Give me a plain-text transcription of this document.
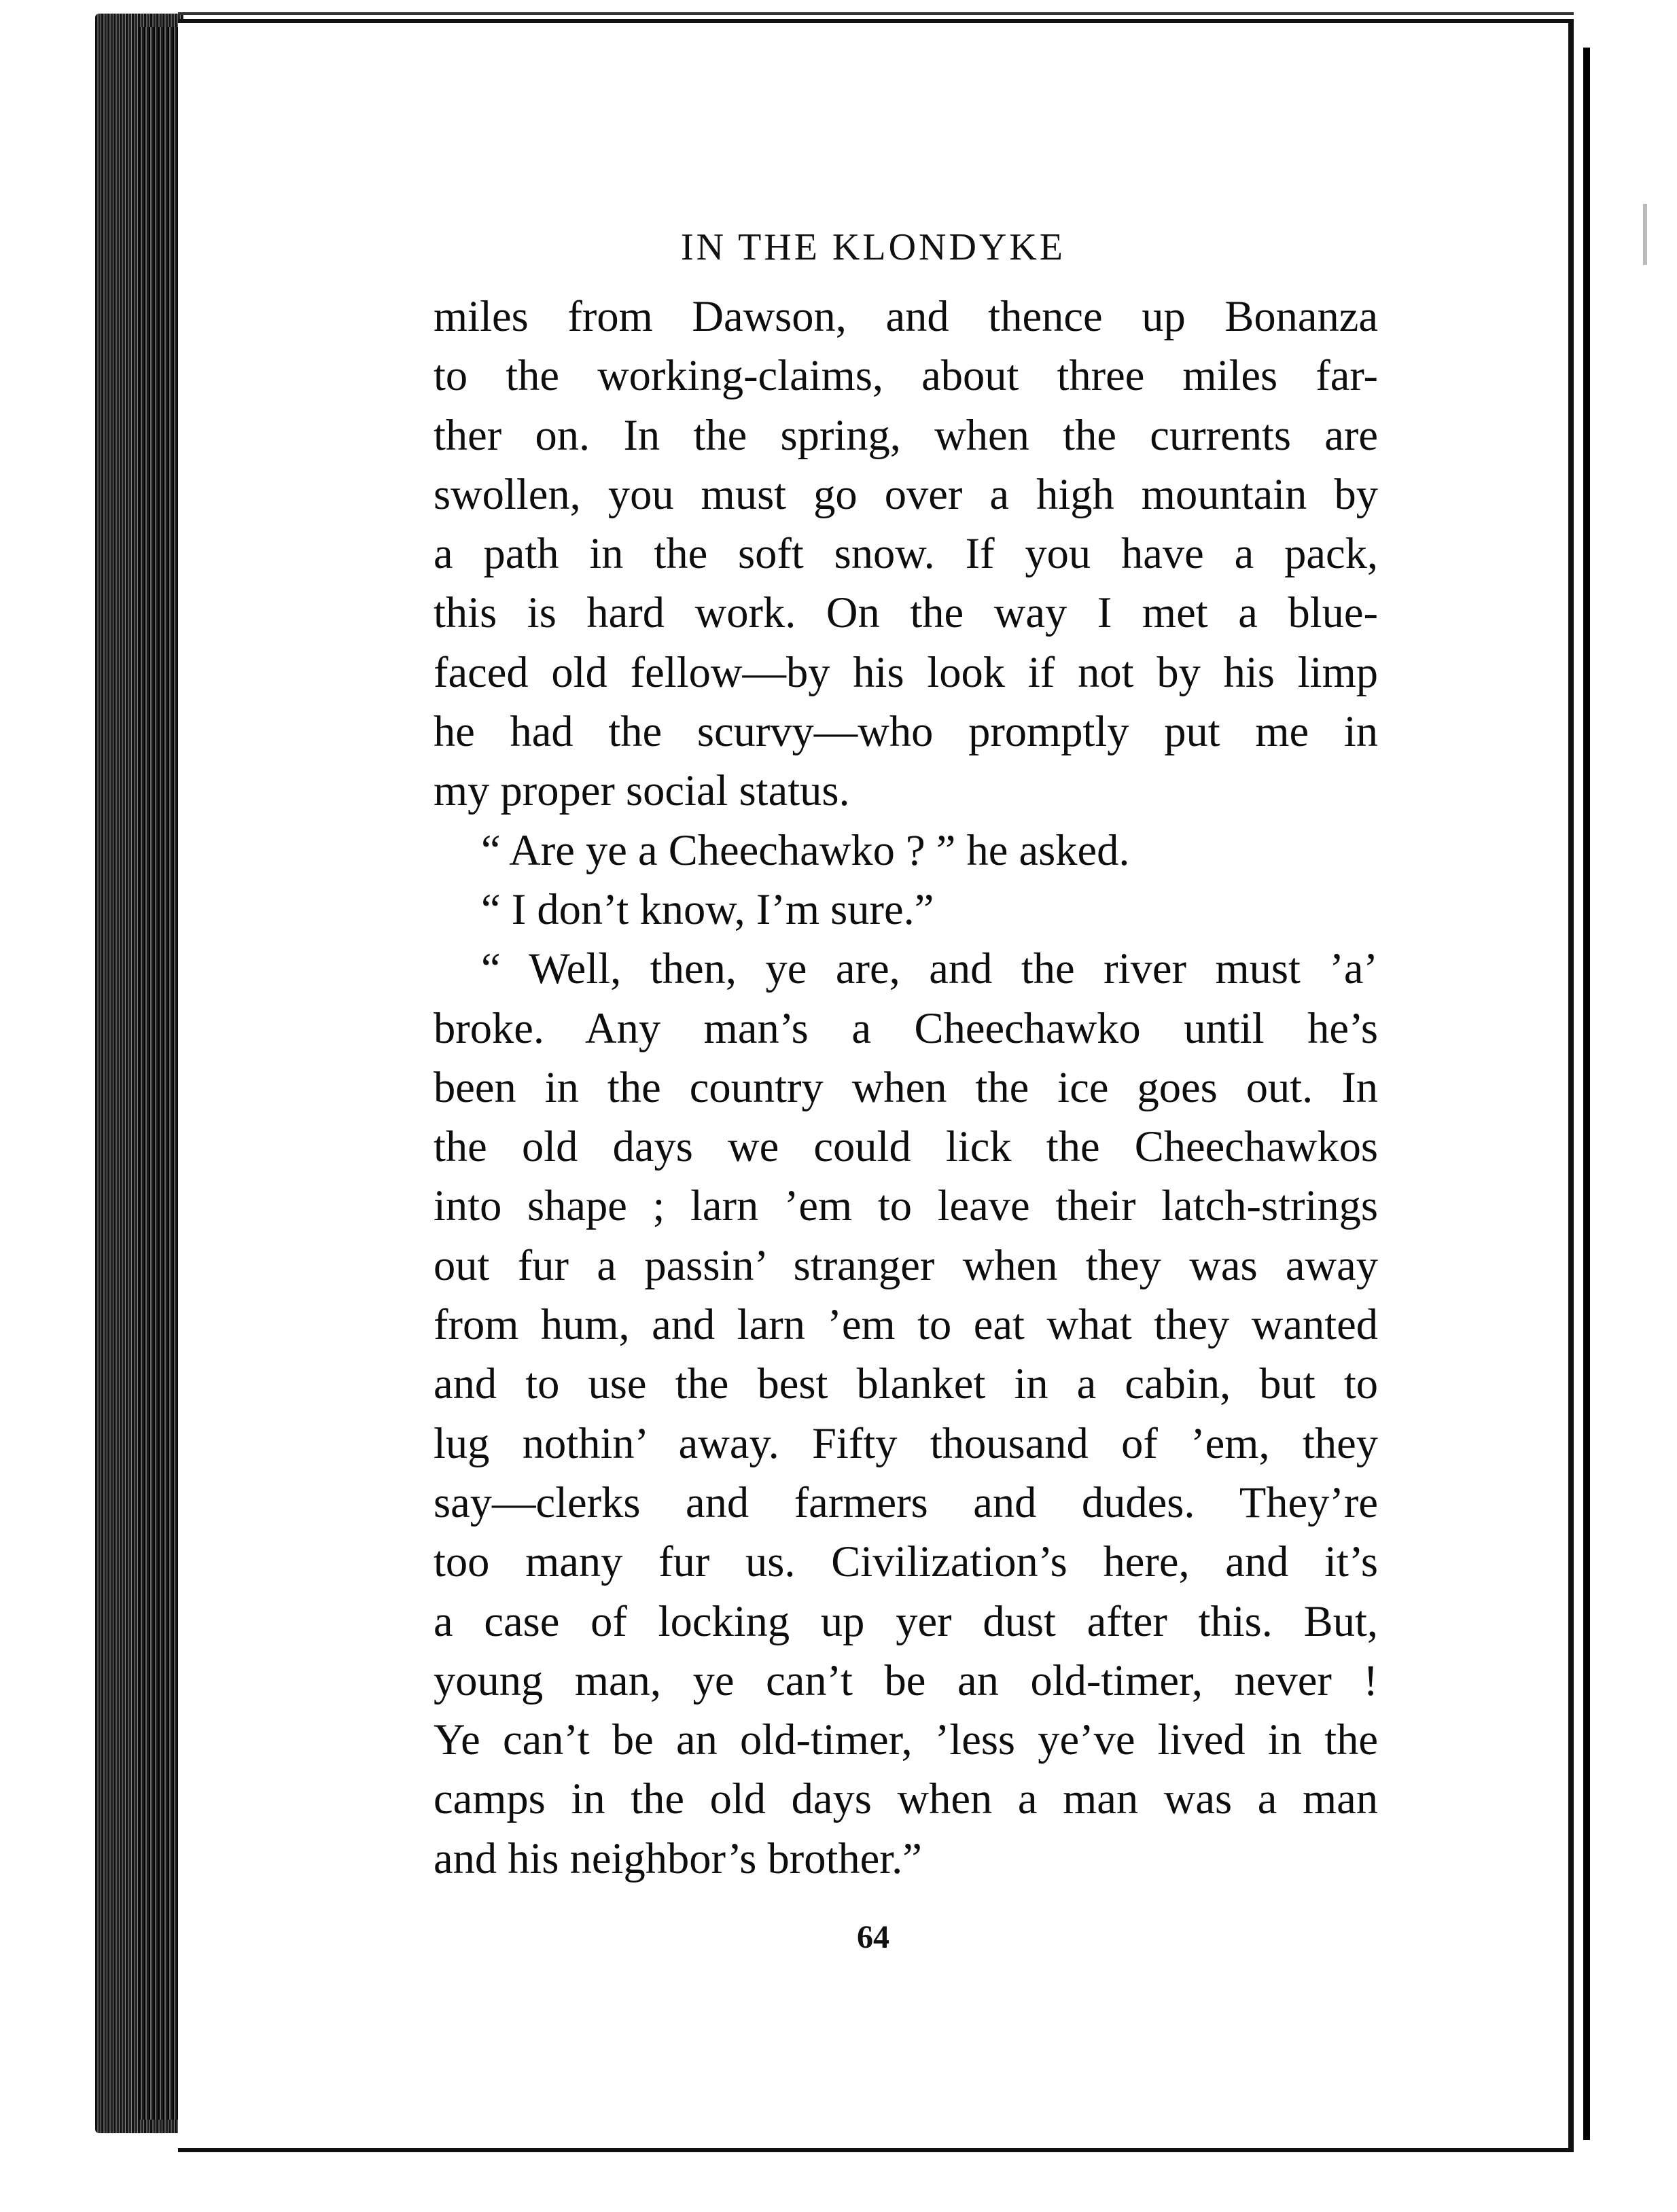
IN THE KLONDYKE
64
miles from Dawson, and thence up Bonanza
to the working-claims, about three miles far-
ther on. In the spring, when the currents are
swollen, you must go over a high mountain by
a path in the soft snow. If you have a pack,
this is hard work. On the way I met a blue-
faced old fellow—by his look if not by his limp
he had the scurvy—who promptly put me in
my proper social status.
“ Are ye a Cheechawko ? ” he asked.
“ I don’t know, I’m sure.”
“ Well, then, ye are, and the river must ’a’
broke. Any man’s a Cheechawko until he’s
been in the country when the ice goes out. In
the old days we could lick the Cheechawkos
into shape ; larn ’em to leave their latch-strings
out fur a passin’ stranger when they was away
from hum, and larn ’em to eat what they wanted
and to use the best blanket in a cabin, but to
lug nothin’ away. Fifty thousand of ’em, they
say—clerks and farmers and dudes. They’re
too many fur us. Civilization’s here, and it’s
a case of locking up yer dust after this. But,
young man, ye can’t be an old-timer, never !
Ye can’t be an old-timer, ’less ye’ve lived in the
camps in the old days when a man was a man
and his neighbor’s brother.”
